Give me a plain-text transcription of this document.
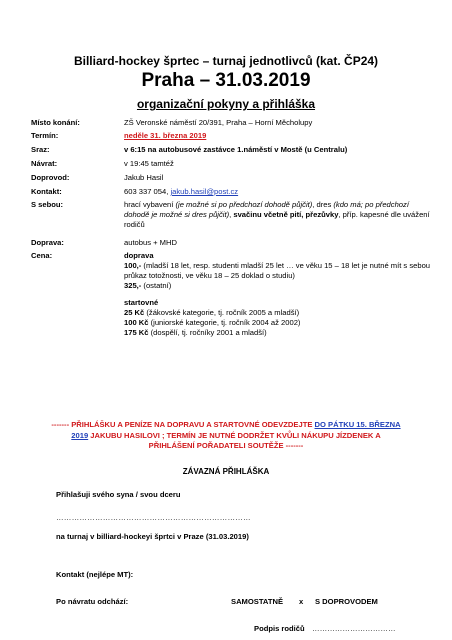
Billiard-hockey šprtec – turnaj jednotlivců (kat. ČP24)
Praha – 31.03.2019
organizační pokyny a přihláška
Místo konání:	ZŠ Veronské náměstí 20/391, Praha – Horní Měcholupy
Termín:	neděle 31. března 2019
Sraz:	v 6:15 na autobusové zastávce 1.náměstí v Mostě (u Centralu)
Návrat:	v 19:45 tamtéž
Doprovod:	Jakub Hasil
Kontakt:	603 337 054, jakub.hasil@post.cz
S sebou:	hrací vybavení (je možné si po předchozí dohodě půjčit), dres (kdo má; po předchozí dohodě je možné si dres půjčit), svačinu včetně pití, přezůvky, příp. kapesné dle uvážení rodičů
Doprava:	autobus + MHD
Cena:	doprava
100,- (mladší 18 let, resp. studenti mladší 25 let … ve věku 15 – 18 let je nutné mít s sebou průkaz totožnosti, ve věku 18 – 25 doklad o studiu)
325,- (ostatní)
startovné
25 Kč (žákovské kategorie, tj. ročník 2005 a mladší)
100 Kč (juniorské kategorie, tj. ročník 2004 až 2002)
175 Kč (dospělí, tj. ročníky 2001 a mladší)
------- PŘIHLÁŠKU A PENÍZE NA DOPRAVU A STARTOVNÉ ODEVZDEJTE DO PÁTKU 15. BŘEZNA 2019 JAKUBU HASILOVI ; TERMÍN JE NUTNÉ DODRŽET KVŮLI NÁKUPU JÍZDENEK A PŘIHLÁŠENÍ POŘADATELI SOUTĚŽE -------
ZÁVAZNÁ PŘIHLÁŠKA
Přihlašuji svého syna / svou dceru
…………………………………………………………………
na turnaj v billiard-hockeyi šprtci v Praze (31.03.2019)
Kontakt (nejlépe MT):
Po návratu odchází:	SAMOSTATNĚ x S DOPROVODEM
Podpis rodičů ……………………………
